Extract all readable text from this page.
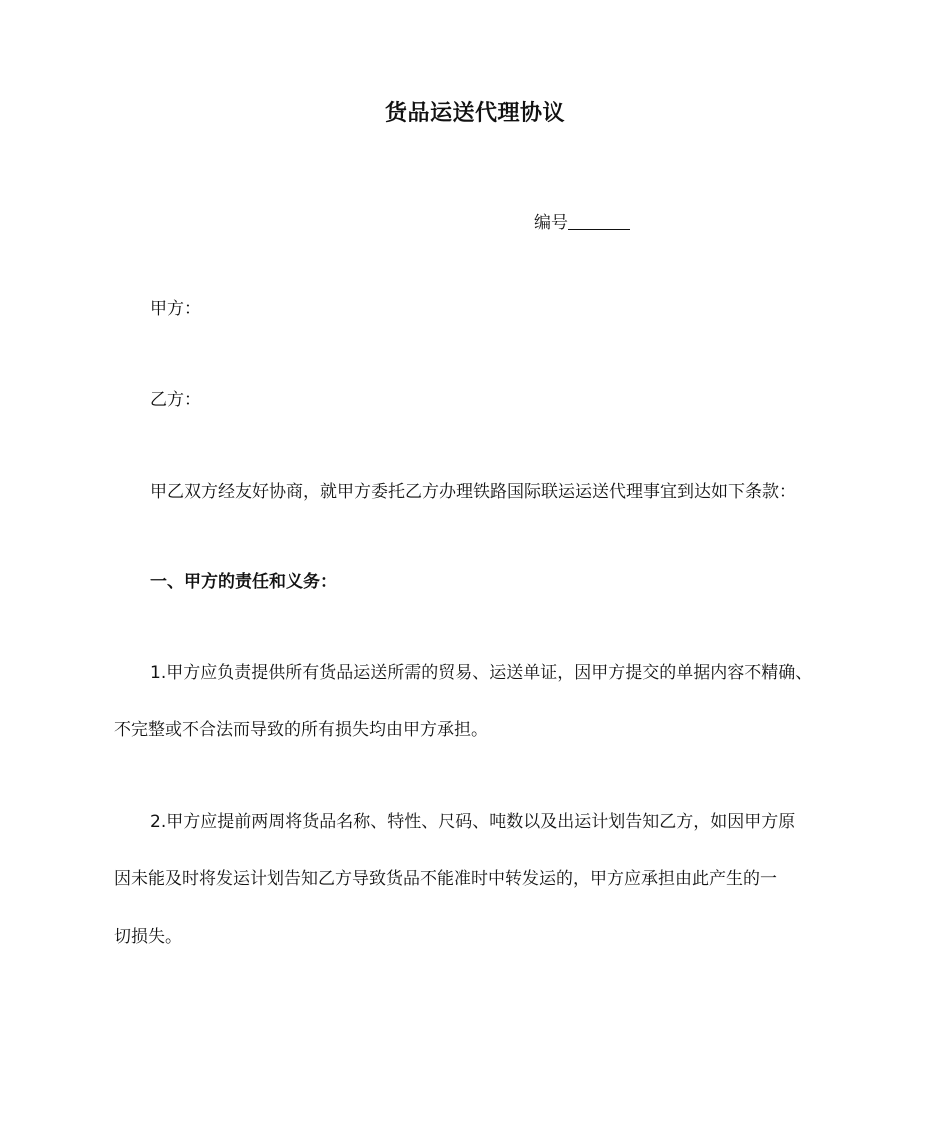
货品运送代理协议
编号
甲方：
乙方：
甲乙双方经友好协商，就甲方委托乙方办理铁路国际联运运送代理事宜到达如下条款：
一、甲方的责任和义务：
1.甲方应负责提供所有货品运送所需的贸易、运送单证，因甲方提交的单据内容不精确、
不完整或不合法而导致的所有损失均由甲方承担。
2.甲方应提前两周将货品名称、特性、尺码、吨数以及出运计划告知乙方，如因甲方原
因未能及时将发运计划告知乙方导致货品不能准时中转发运的，甲方应承担由此产生的一
切损失。
